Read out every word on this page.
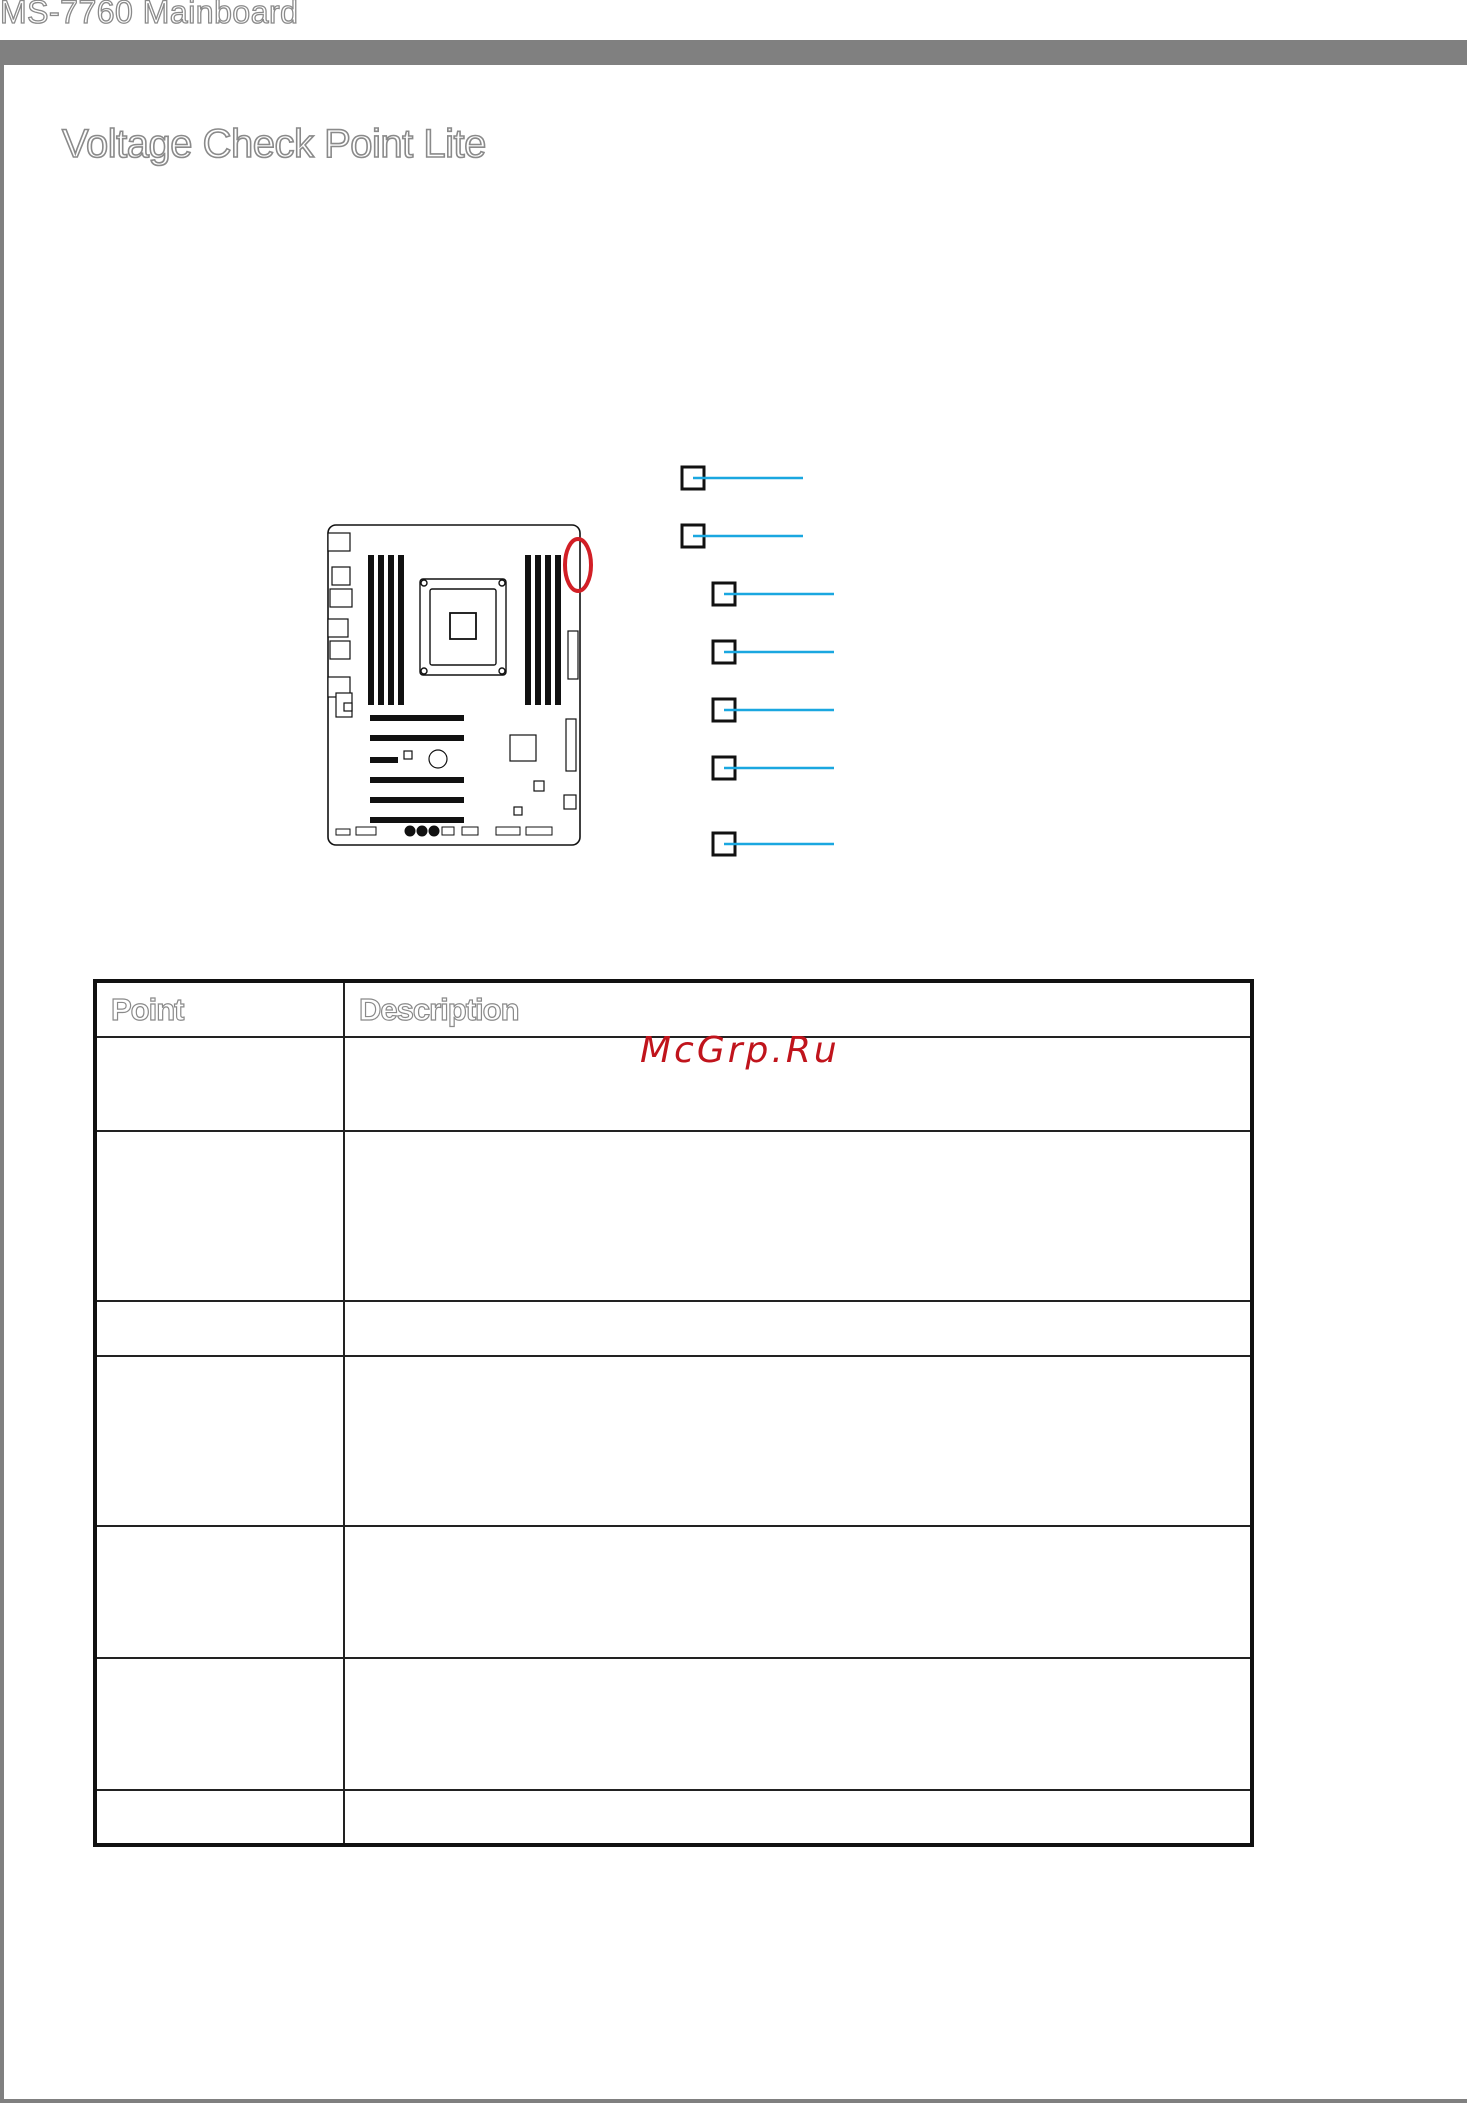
MS-7760 Mainboard
Voltage Check Point Lite
Point	Description

McGrp.Ru
